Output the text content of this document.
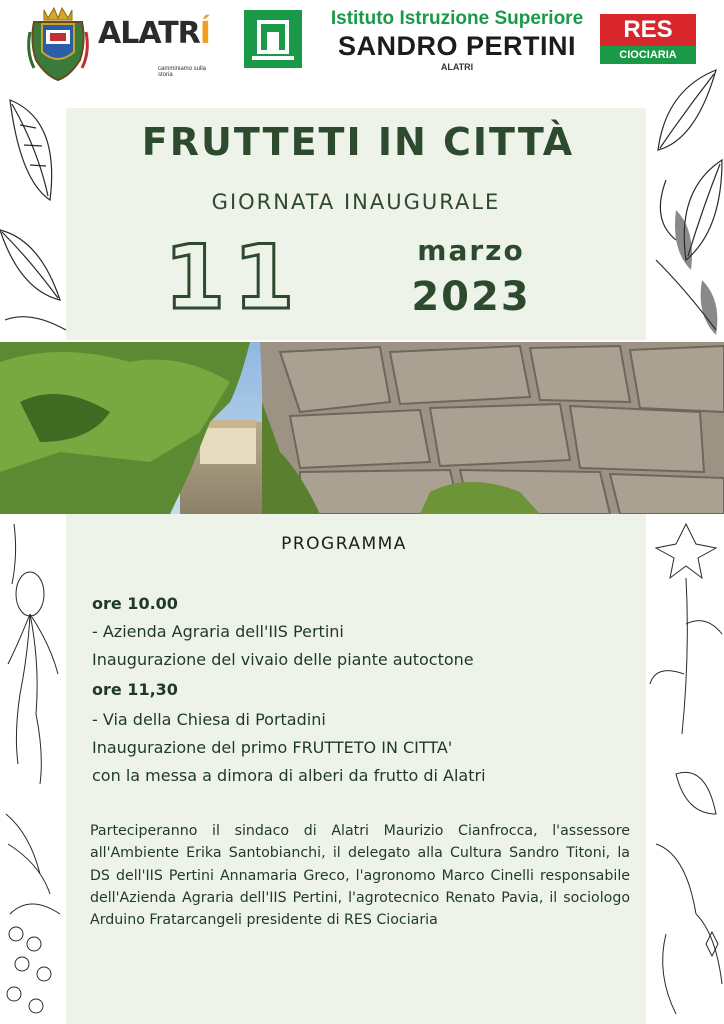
ALATRÍ
camminiamo sulla storia
Istituto Istruzione Superiore
SANDRO PERTINI
ALATRI
RES
CIOCIARIA
FRUTTETI IN CITTÀ
GIORNATA INAUGURALE
11	marzo
2023
PROGRAMMA
ore 10.00
- Azienda Agraria dell'IIS Pertini
Inaugurazione del vivaio delle piante autoctone
ore 11,30
- Via della Chiesa di Portadini
Inaugurazione del primo FRUTTETO IN CITTA'
con la messa a dimora di alberi da frutto di Alatri
Parteciperanno il sindaco di Alatri Maurizio Cianfrocca, l'assessore all'Ambiente Erika Santobianchi, il delegato alla Cultura Sandro Titoni, la DS dell'IIS Pertini Annamaria Greco, l'agronomo Marco Cinelli responsabile dell'Azienda Agraria dell'IIS Pertini, l'agrotecnico Renato Pavia, il sociologo Arduino Fratarcangeli presidente di RES Ciociaria
